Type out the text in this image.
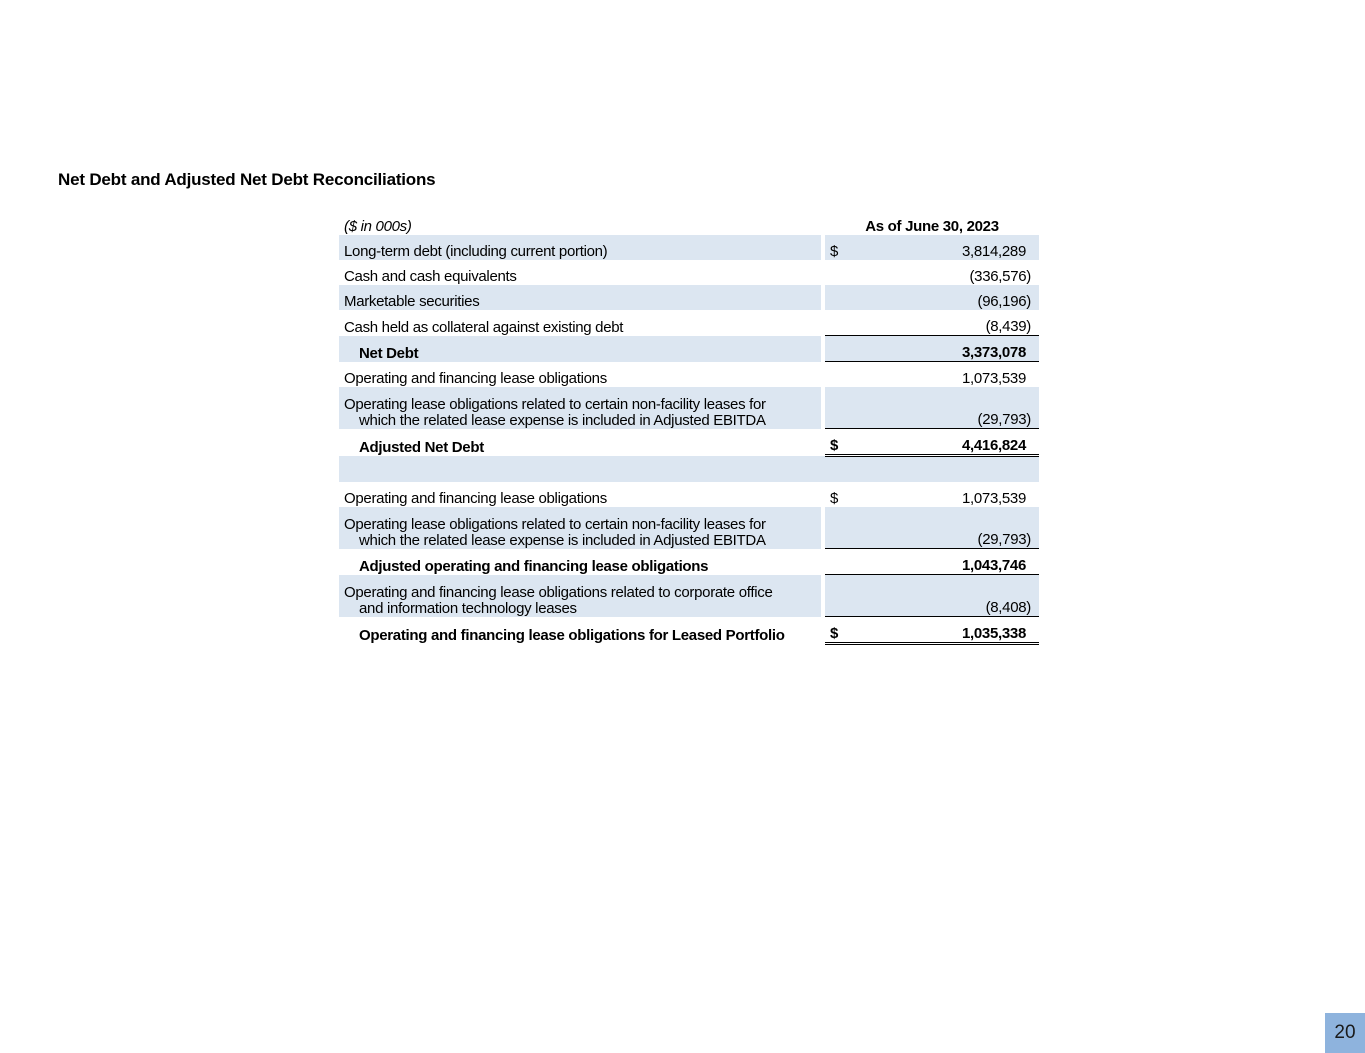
Net Debt and Adjusted Net Debt Reconciliations
($ in 000s)		As of June 30, 2023	
Long-term debt (including current portion)		$	3,814,289
Cash and cash equivalents			(336,576)
Marketable securities			(96,196)
Cash held as collateral against existing debt			(8,439)
Net Debt			3,373,078
Operating and financing lease obligations			1,073,539
Operating lease obligations related to certain non-facility leases for
which the related lease expense is included in Adjusted EBITDA			(29,793)
Adjusted Net Debt		$	4,416,824

Operating and financing lease obligations		$	1,073,539
Operating lease obligations related to certain non-facility leases for
which the related lease expense is included in Adjusted EBITDA			(29,793)
Adjusted operating and financing lease obligations			1,043,746
Operating and financing lease obligations related to corporate office
and information technology leases			(8,408)
Operating and financing lease obligations for Leased Portfolio		$	1,035,338
20
